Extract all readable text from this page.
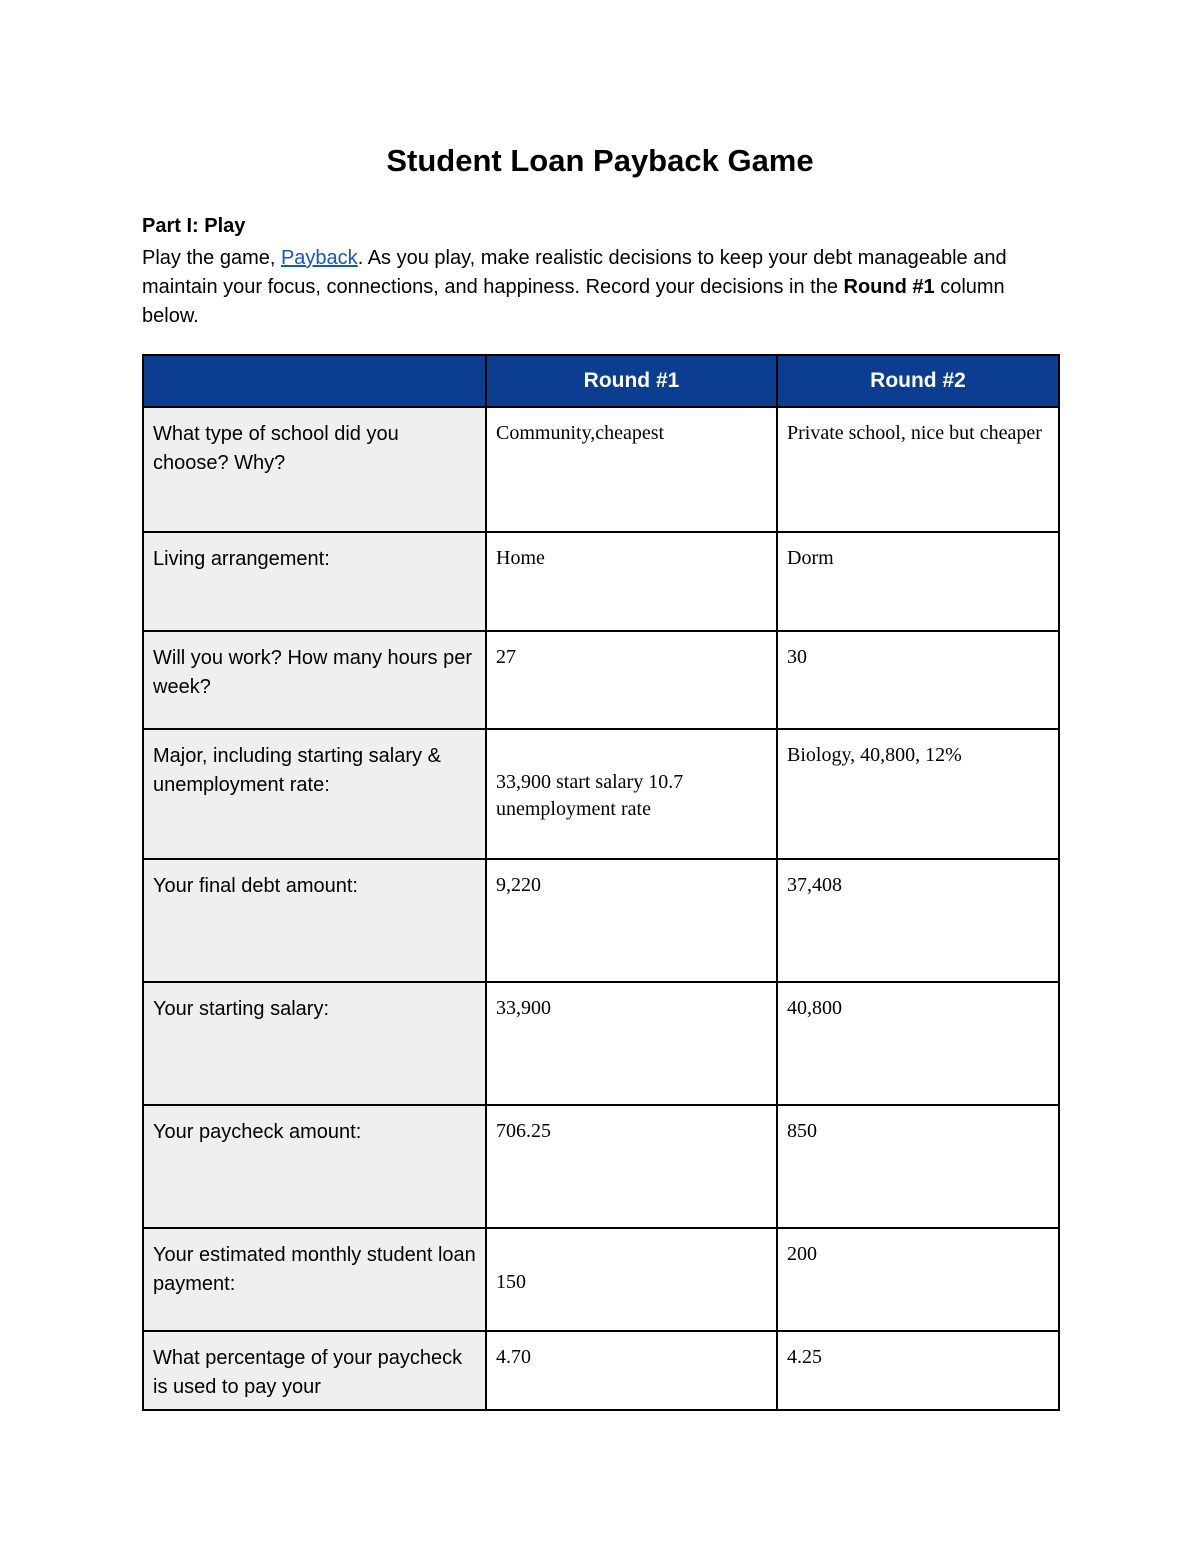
Student Loan Payback Game
Part I: Play
Play the game, Payback. As you play, make realistic decisions to keep your debt manageable and maintain your focus, connections, and happiness. Record your decisions in the Round #1 column below.
	Round #1	Round #2
What type of school did you choose? Why?	Community,cheapest	Private school, nice but cheaper
Living arrangement:	Home	Dorm
Will you work? How many hours per week?	27	30
Major, including starting salary & unemployment rate:	33,900 start salary 10.7 unemployment rate	Biology, 40,800, 12%
Your final debt amount:	9,220	37,408
Your starting salary:	33,900	40,800
Your paycheck amount:	706.25	850
Your estimated monthly student loan payment:	150	200
What percentage of your paycheck is used to pay your	4.70	4.25
